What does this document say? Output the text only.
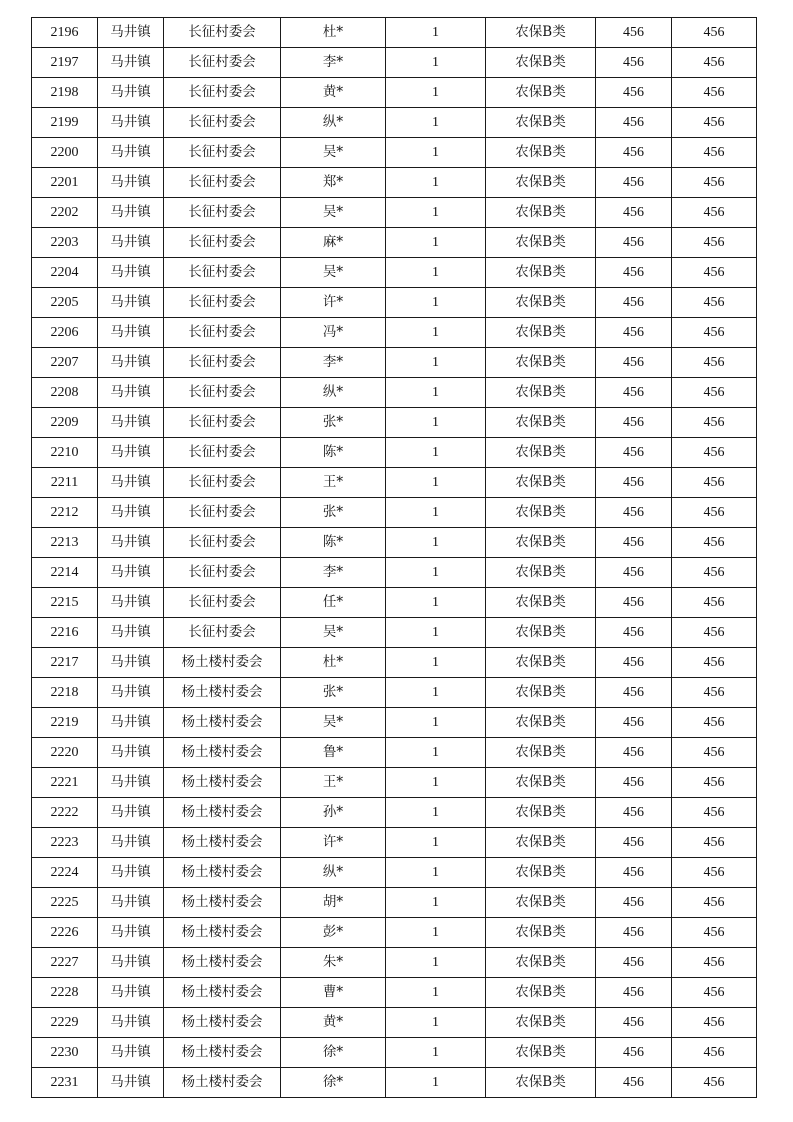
2196	马井镇	长征村委会	杜*	1	农保B类	456	456
2197	马井镇	长征村委会	李*	1	农保B类	456	456
2198	马井镇	长征村委会	黄*	1	农保B类	456	456
2199	马井镇	长征村委会	纵*	1	农保B类	456	456
2200	马井镇	长征村委会	吴*	1	农保B类	456	456
2201	马井镇	长征村委会	郑*	1	农保B类	456	456
2202	马井镇	长征村委会	吴*	1	农保B类	456	456
2203	马井镇	长征村委会	麻*	1	农保B类	456	456
2204	马井镇	长征村委会	吴*	1	农保B类	456	456
2205	马井镇	长征村委会	许*	1	农保B类	456	456
2206	马井镇	长征村委会	冯*	1	农保B类	456	456
2207	马井镇	长征村委会	李*	1	农保B类	456	456
2208	马井镇	长征村委会	纵*	1	农保B类	456	456
2209	马井镇	长征村委会	张*	1	农保B类	456	456
2210	马井镇	长征村委会	陈*	1	农保B类	456	456
2211	马井镇	长征村委会	王*	1	农保B类	456	456
2212	马井镇	长征村委会	张*	1	农保B类	456	456
2213	马井镇	长征村委会	陈*	1	农保B类	456	456
2214	马井镇	长征村委会	李*	1	农保B类	456	456
2215	马井镇	长征村委会	任*	1	农保B类	456	456
2216	马井镇	长征村委会	吴*	1	农保B类	456	456
2217	马井镇	杨土楼村委会	杜*	1	农保B类	456	456
2218	马井镇	杨土楼村委会	张*	1	农保B类	456	456
2219	马井镇	杨土楼村委会	吴*	1	农保B类	456	456
2220	马井镇	杨土楼村委会	鲁*	1	农保B类	456	456
2221	马井镇	杨土楼村委会	王*	1	农保B类	456	456
2222	马井镇	杨土楼村委会	孙*	1	农保B类	456	456
2223	马井镇	杨土楼村委会	许*	1	农保B类	456	456
2224	马井镇	杨土楼村委会	纵*	1	农保B类	456	456
2225	马井镇	杨土楼村委会	胡*	1	农保B类	456	456
2226	马井镇	杨土楼村委会	彭*	1	农保B类	456	456
2227	马井镇	杨土楼村委会	朱*	1	农保B类	456	456
2228	马井镇	杨土楼村委会	曹*	1	农保B类	456	456
2229	马井镇	杨土楼村委会	黄*	1	农保B类	456	456
2230	马井镇	杨土楼村委会	徐*	1	农保B类	456	456
2231	马井镇	杨土楼村委会	徐*	1	农保B类	456	456
